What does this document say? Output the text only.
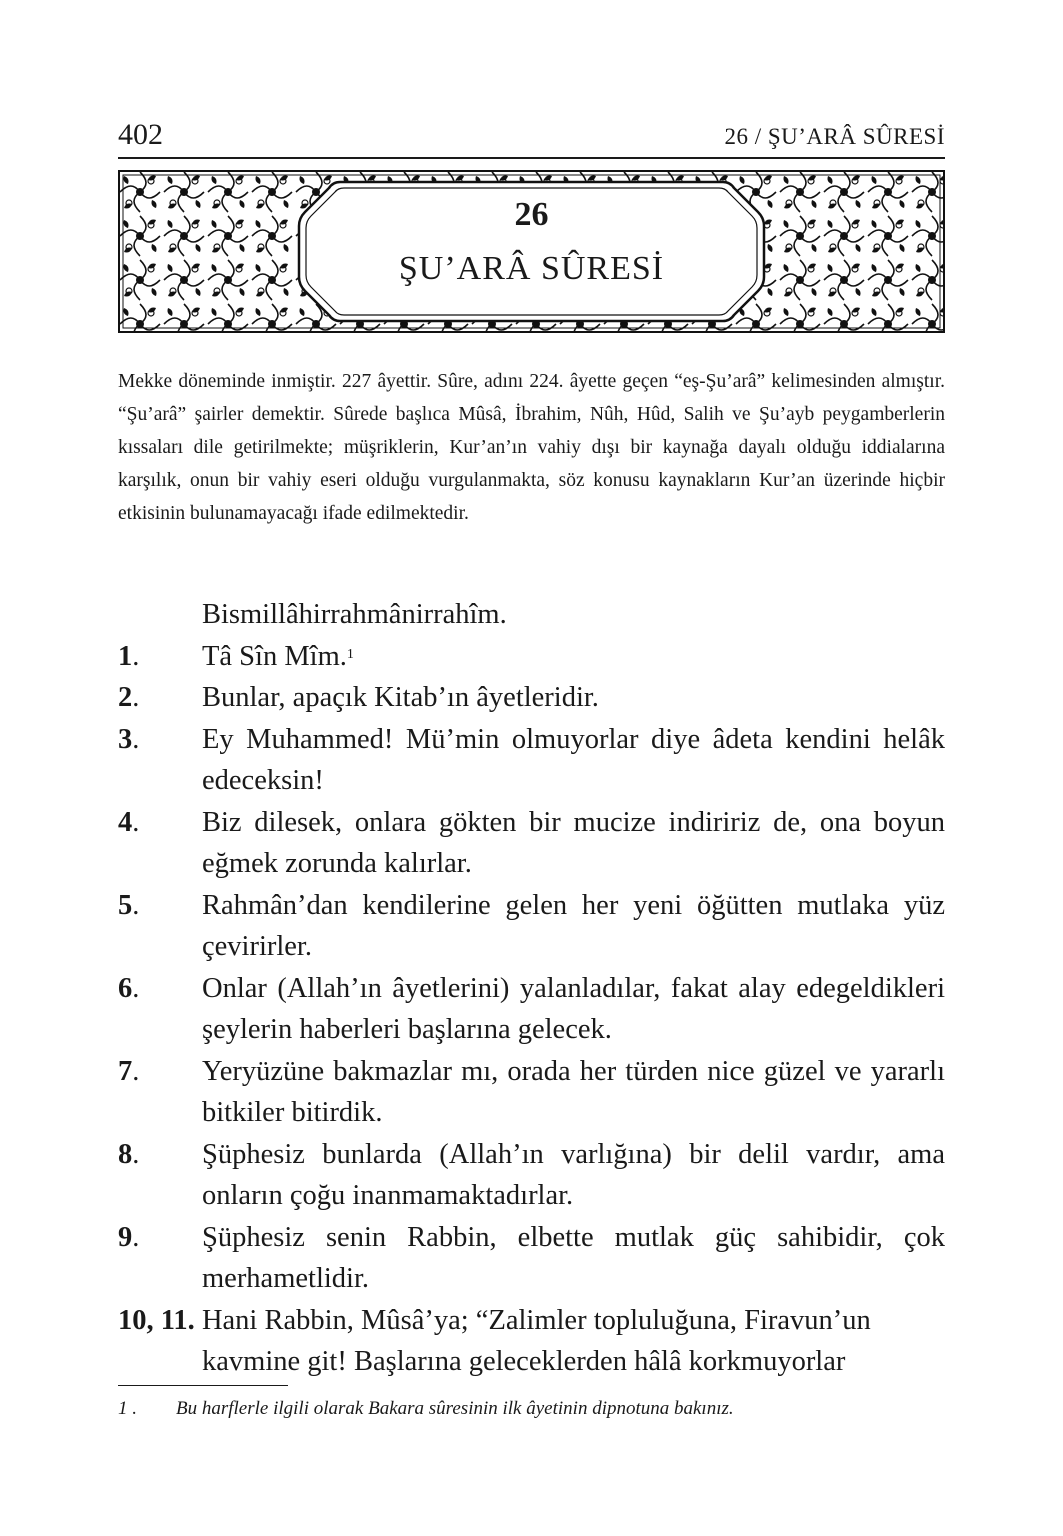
402	26 / ŞU’ARÂ SÛRESİ
26
ŞU’ARÂ SÛRESİ

Mekke döneminde inmiştir. 227 âyettir. Sûre, adını 224. âyette geçen “eş-Şu’arâ” kelimesinden almıştır. “Şu’arâ” şairler demektir. Sûrede başlıca Mûsâ, İbrahim, Nûh, Hûd, Salih ve Şu’ayb peygamberlerin kıssaları dile getirilmekte; müşriklerin, Kur’an’ın vahiy dışı bir kaynağa dayalı olduğu iddialarına karşılık, onun bir vahiy eseri olduğu vurgulanmakta, söz konusu kaynakların Kur’an üzerinde hiçbir etkisinin bulunamayacağı ifade edilmektedir.

Bismillâhirrahmânirrahîm.
1. Tâ Sîn Mîm.$^1$
2. Bunlar, apaçık Kitab’ın âyetleridir.
3. Ey Muhammed! Mü’min olmuyorlar diye âdeta kendini helâk edeceksin!
4. Biz dilesek, onlara gökten bir mucize indiririz de, ona boyun eğmek zorunda kalırlar.
5. Rahmân’dan kendilerine gelen her yeni öğütten mutlaka yüz çevirirler.
6. Onlar (Allah’ın âyetlerini) yalanladılar, fakat alay edegeldikleri şeylerin haberleri başlarına gelecek.
7. Yeryüzüne bakmazlar mı, orada her türden nice güzel ve yararlı bitkiler bitirdik.
8. Şüphesiz bunlarda (Allah’ın varlığına) bir delil vardır, ama onların çoğu inanmamaktadırlar.
9. Şüphesiz senin Rabbin, elbette mutlak güç sahibidir, çok merhametlidir.
10, 11. Hani Rabbin, Mûsâ’ya; “Zalimler topluluğuna, Firavun’un
kavmine git! Başlarına geleceklerden hâlâ korkmuyorlar
1 . Bu harflerle ilgili olarak Bakara sûresinin ilk âyetinin dipnotuna bakınız.
